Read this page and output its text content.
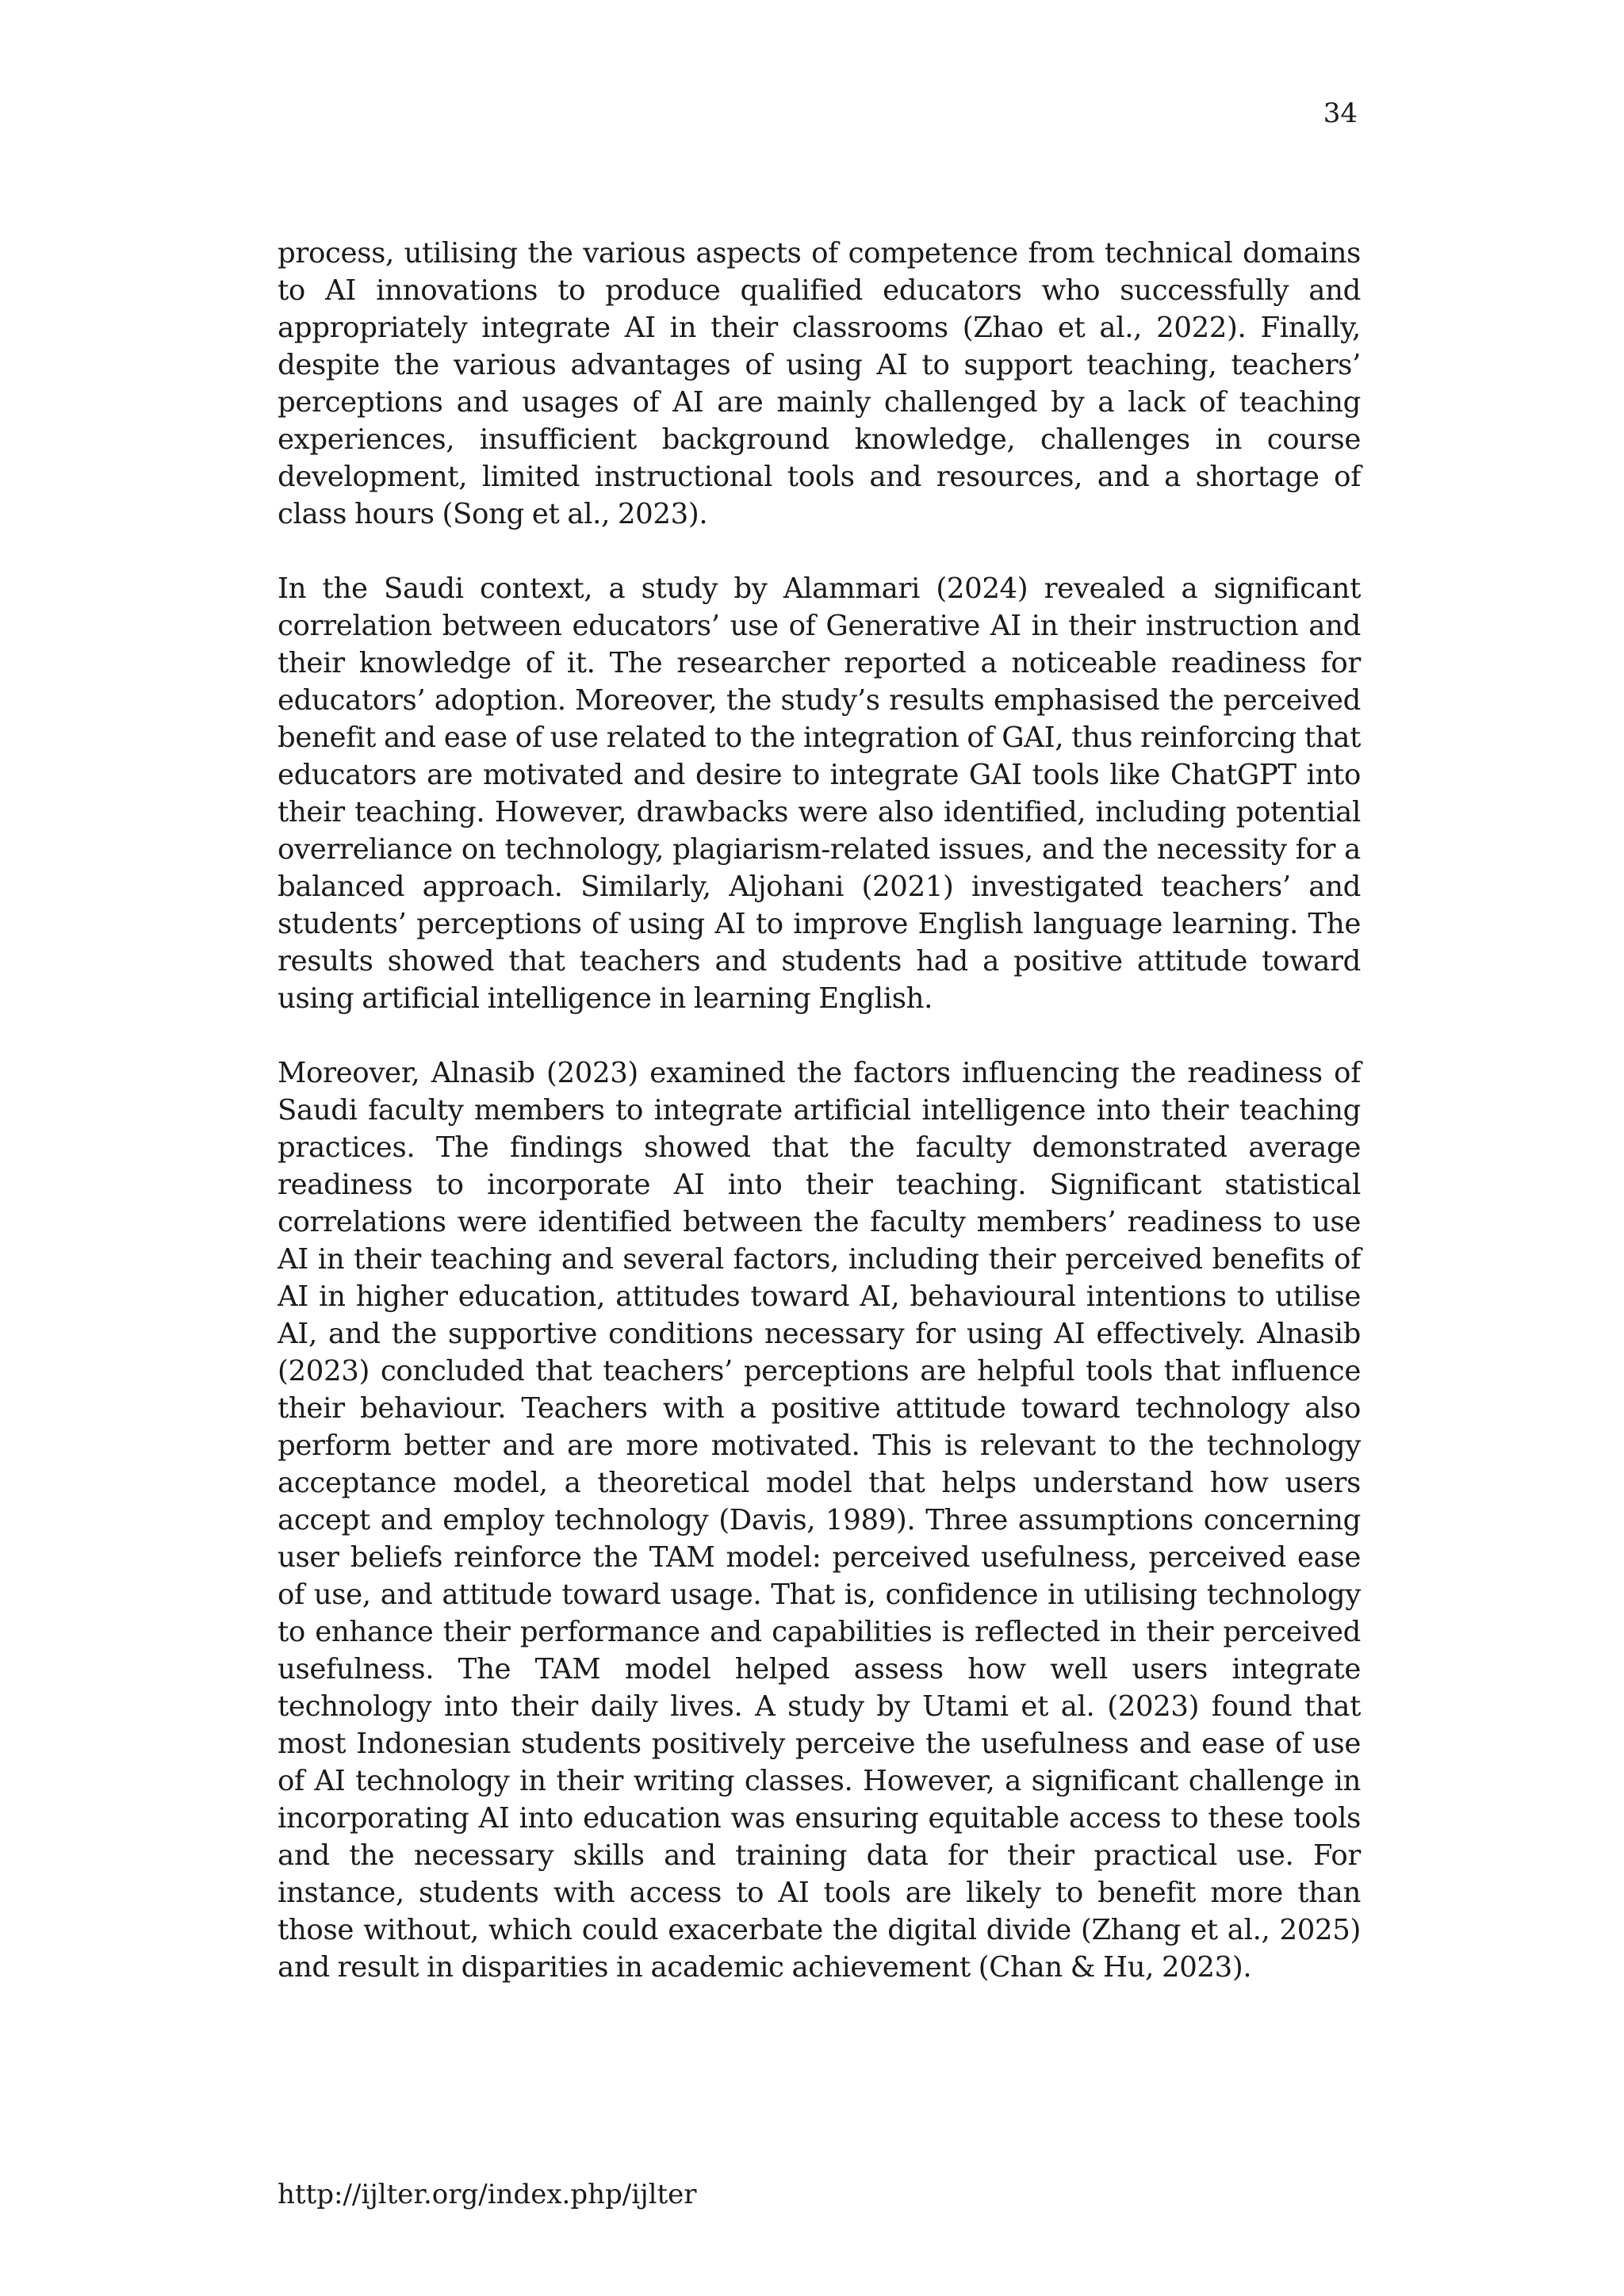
34

process, utilising the various aspects of competence from technical domains to AI innovations to produce qualified educators who successfully and appropriately integrate AI in their classrooms (Zhao et al., 2022). Finally, despite the various advantages of using AI to support teaching, teachers’ perceptions and usages of AI are mainly challenged by a lack of teaching experiences, insufficient background knowledge, challenges in course development, limited instructional tools and resources, and a shortage of class hours (Song et al., 2023).

In the Saudi context, a study by Alammari (2024) revealed a significant correlation between educators’ use of Generative AI in their instruction and their knowledge of it. The researcher reported a noticeable readiness for educators’ adoption. Moreover, the study’s results emphasised the perceived benefit and ease of use related to the integration of GAI, thus reinforcing that educators are motivated and desire to integrate GAI tools like ChatGPT into their teaching. However, drawbacks were also identified, including potential overreliance on technology, plagiarism-related issues, and the necessity for a balanced approach. Similarly, Aljohani (2021) investigated teachers’ and students’ perceptions of using AI to improve English language learning. The results showed that teachers and students had a positive attitude toward using artificial intelligence in learning English.

Moreover, Alnasib (2023) examined the factors influencing the readiness of Saudi faculty members to integrate artificial intelligence into their teaching practices. The findings showed that the faculty demonstrated average readiness to incorporate AI into their teaching. Significant statistical correlations were identified between the faculty members’ readiness to use AI in their teaching and several factors, including their perceived benefits of AI in higher education, attitudes toward AI, behavioural intentions to utilise AI, and the supportive conditions necessary for using AI effectively. Alnasib (2023) concluded that teachers’ perceptions are helpful tools that influence their behaviour. Teachers with a positive attitude toward technology also perform better and are more motivated. This is relevant to the technology acceptance model, a theoretical model that helps understand how users accept and employ technology (Davis, 1989). Three assumptions concerning user beliefs reinforce the TAM model: perceived usefulness, perceived ease of use, and attitude toward usage. That is, confidence in utilising technology to enhance their performance and capabilities is reflected in their perceived usefulness. The TAM model helped assess how well users integrate technology into their daily lives. A study by Utami et al. (2023) found that most Indonesian students positively perceive the usefulness and ease of use of AI technology in their writing classes. However, a significant challenge in incorporating AI into education was ensuring equitable access to these tools and the necessary skills and training data for their practical use. For instance, students with access to AI tools are likely to benefit more than those without, which could exacerbate the digital divide (Zhang et al., 2025) and result in disparities in academic achievement (Chan & Hu, 2023).

http://ijlter.org/index.php/ijlter
